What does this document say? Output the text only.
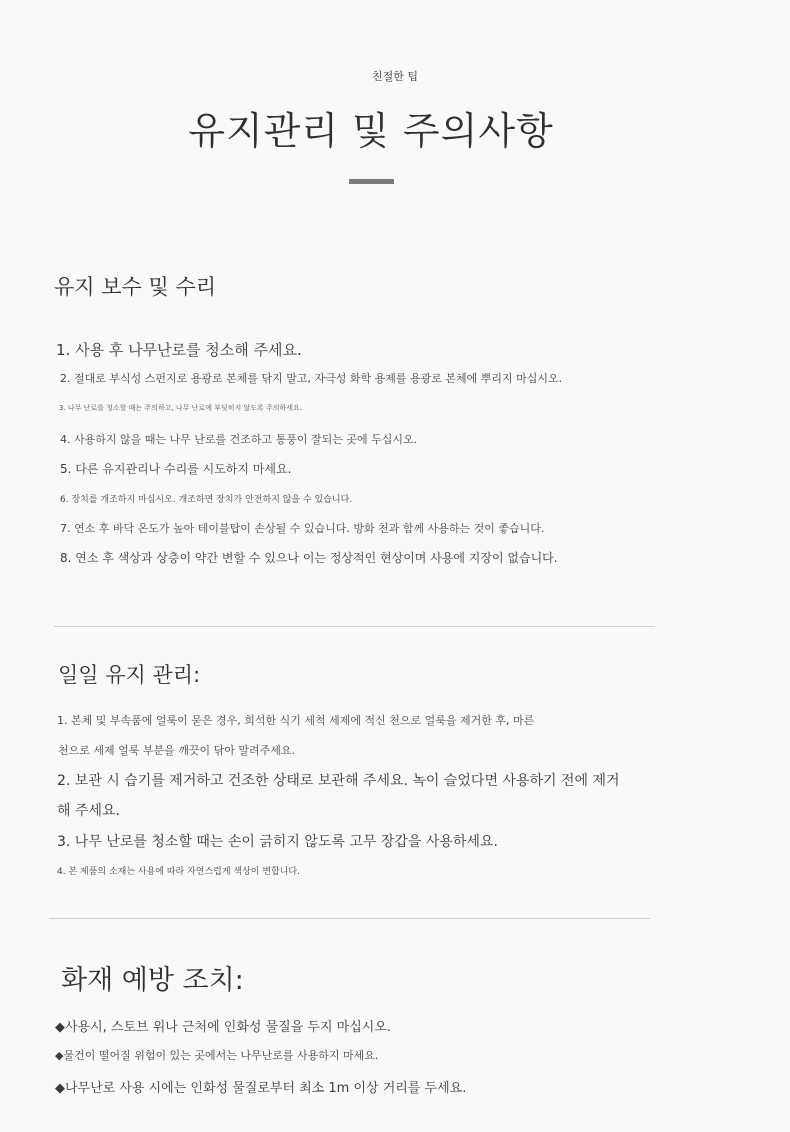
친절한 팁
유지관리 및 주의사항
유지 보수 및 수리
1. 사용 후 나무난로를 청소해 주세요.
2. 절대로 부식성 스펀지로 용광로 본체를 닦지 말고, 자극성 화학 용제를 용광로 본체에 뿌리지 마십시오.
3. 나무 난로를 청소할 때는 주의하고, 나무 난로에 부딪히지 않도록 주의하세요.
4. 사용하지 않을 때는 나무 난로를 건조하고 통풍이 잘되는 곳에 두십시오.
5. 다른 유지관리나 수리를 시도하지 마세요.
6. 장치를 개조하지 마십시오. 개조하면 장치가 안전하지 않을 수 있습니다.
7. 연소 후 바닥 온도가 높아 테이블탑이 손상될 수 있습니다. 방화 천과 함께 사용하는 것이 좋습니다.
8. 연소 후 색상과 상층이 약간 변할 수 있으나 이는 정상적인 현상이며 사용에 지장이 없습니다.
일일 유지 관리:
1. 본체 및 부속품에 얼룩이 묻은 경우, 희석한 식기 세척 세제에 적신 천으로 얼룩을 제거한 후, 마른
천으로 세제 얼룩 부분을 깨끗이 닦아 말려주세요.
2. 보관 시 습기를 제거하고 건조한 상태로 보관해 주세요. 녹이 슬었다면 사용하기 전에 제거
해 주세요.
3. 나무 난로를 청소할 때는 손이 긁히지 않도록 고무 장갑을 사용하세요.
4. 본 제품의 소재는 사용에 따라 자연스럽게 색상이 변합니다.
화재 예방 조치:
◆사용시, 스토브 위나 근처에 인화성 물질을 두지 마십시오.
◆물건이 떨어질 위험이 있는 곳에서는 나무난로를 사용하지 마세요.
◆나무난로 사용 시에는 인화성 물질로부터 최소 1m 이상 거리를 두세요.
